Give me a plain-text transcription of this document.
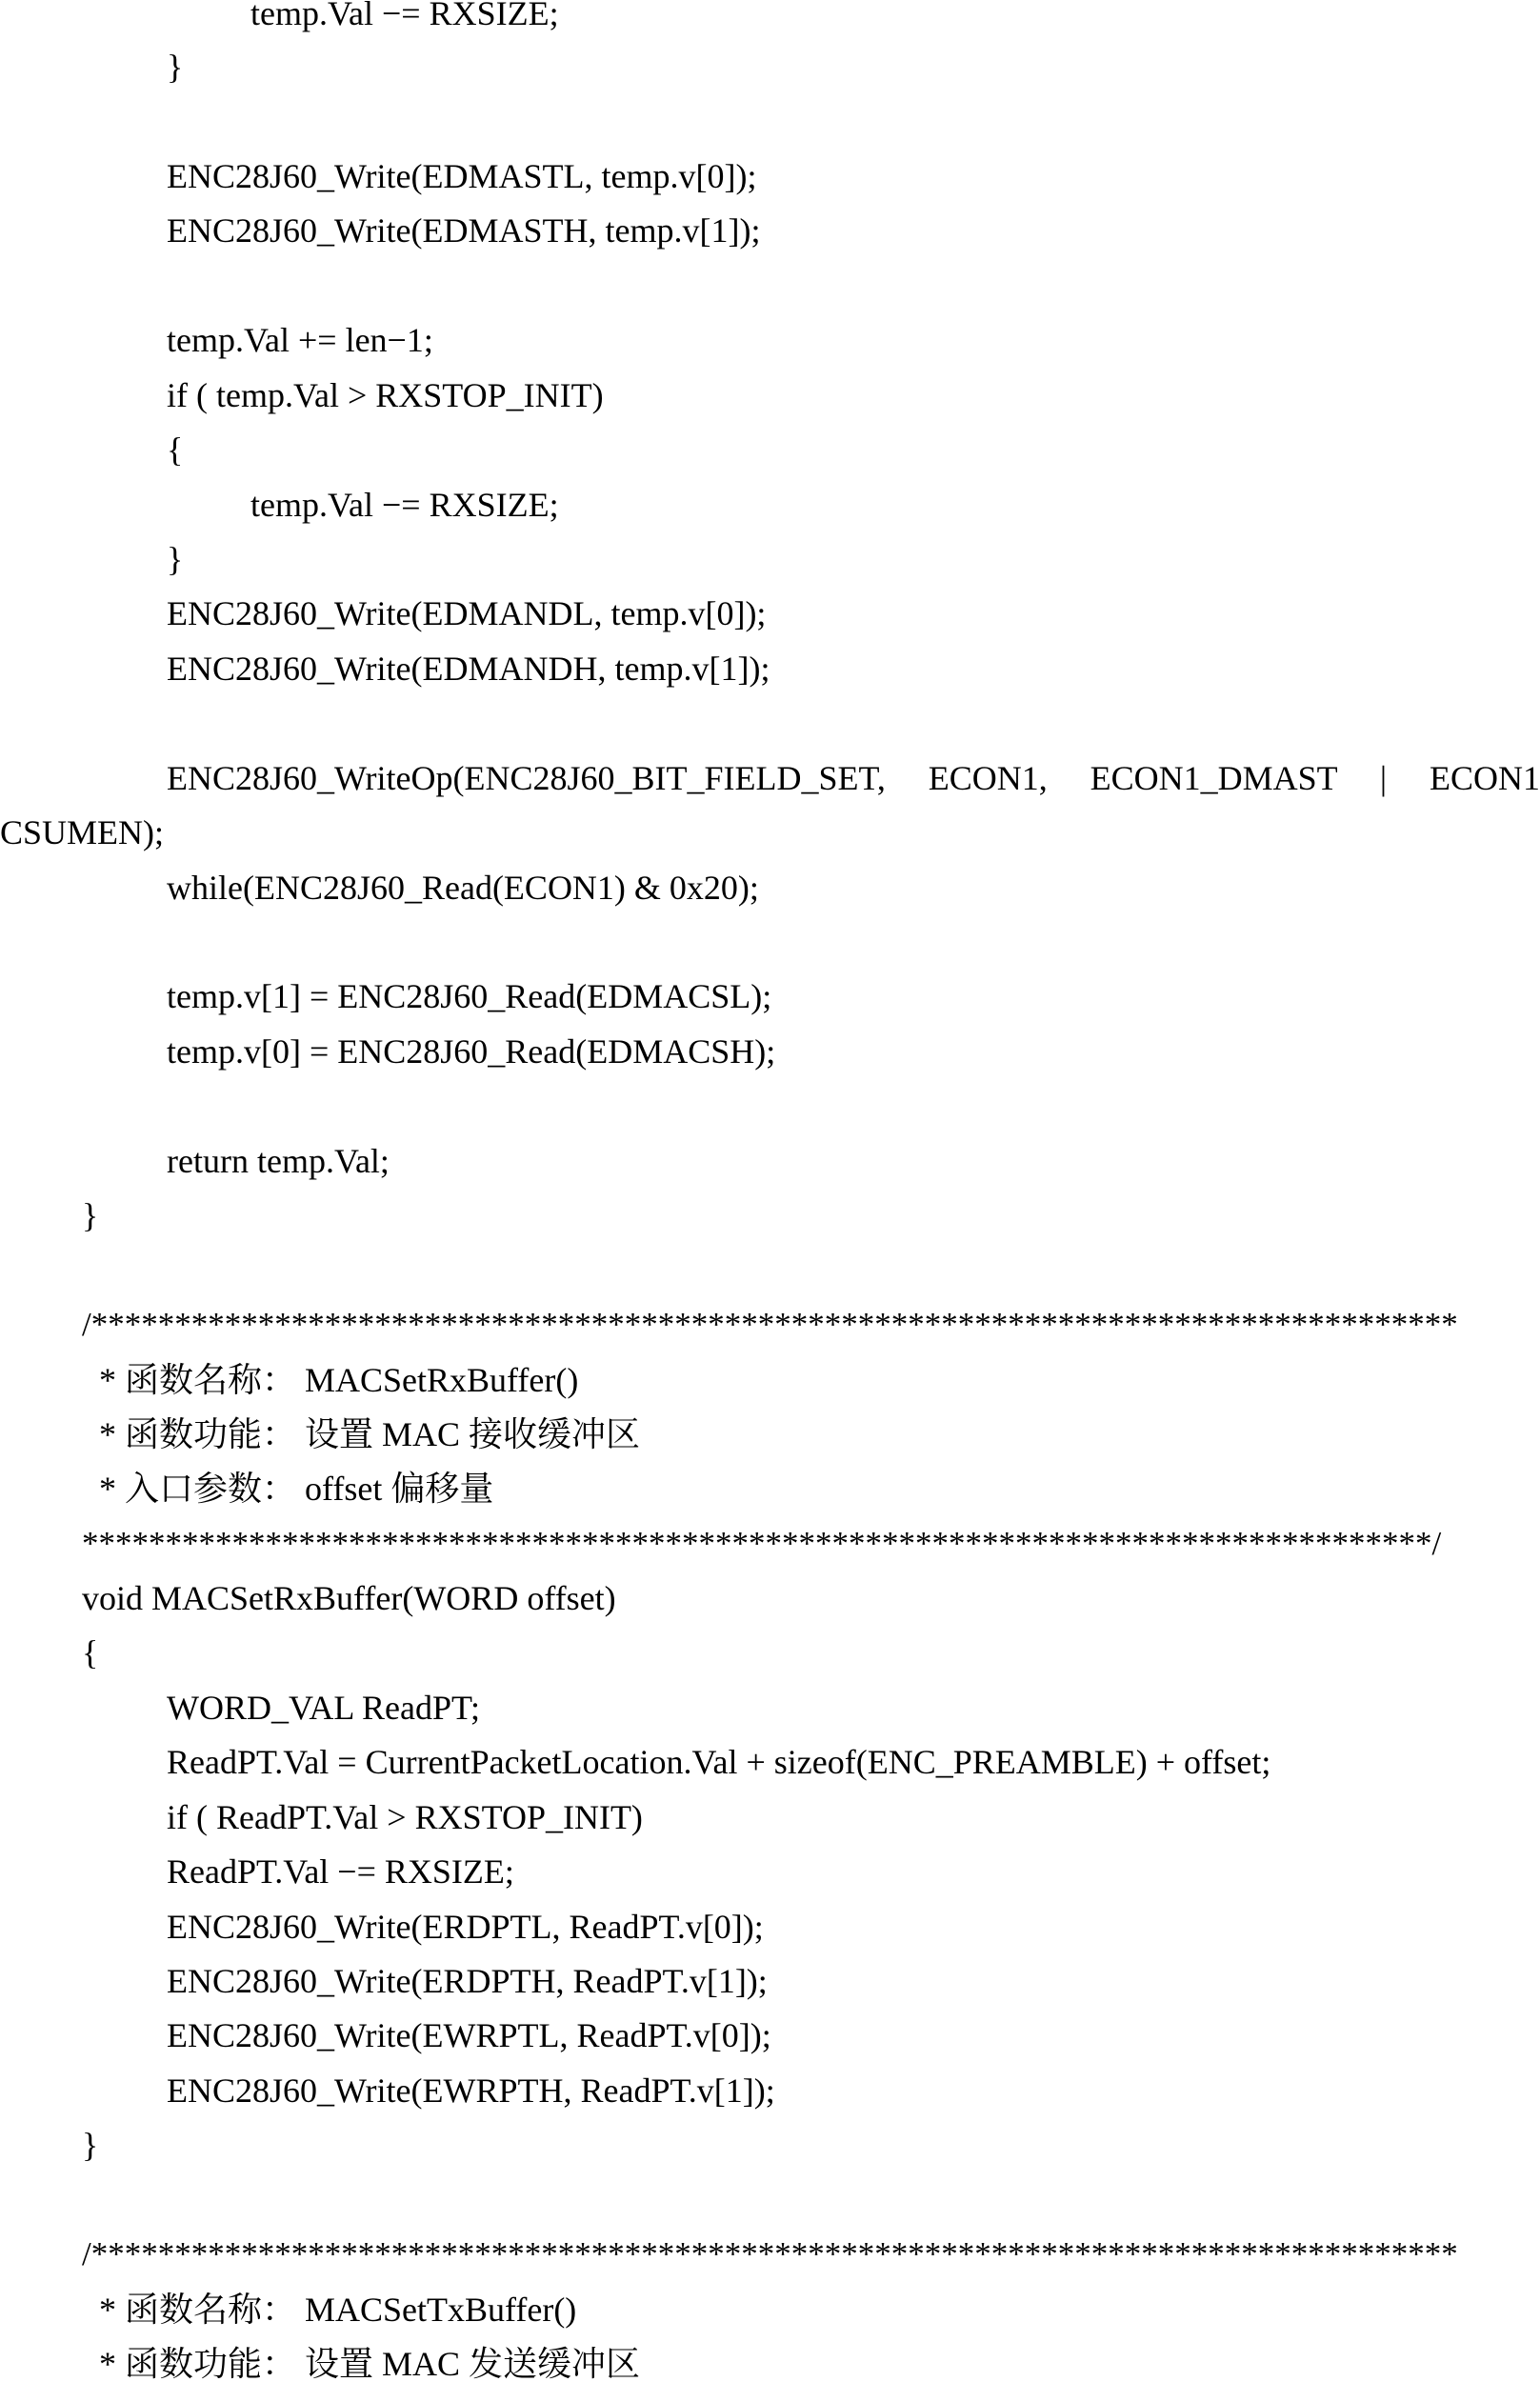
temp.Val −= RXSIZE;
}
ENC28J60_Write(EDMASTL, temp.v[0]);
ENC28J60_Write(EDMASTH, temp.v[1]);
temp.Val += len−1;
if ( temp.Val > RXSTOP_INIT)
{
temp.Val −= RXSIZE;
}
ENC28J60_Write(EDMANDL, temp.v[0]);
ENC28J60_Write(EDMANDH, temp.v[1]);
ENC28J60_WriteOp(ENC28J60_BIT_FIELD_SET, ECON1, ECON1_DMAST | ECON1
CSUMEN);
while(ENC28J60_Read(ECON1) & 0x20);
temp.v[1] = ENC28J60_Read(EDMACSL);
temp.v[0] = ENC28J60_Read(EDMACSH);
return temp.Val;
}
/**********************************************************************************
* 函数名称： MACSetRxBuffer()
* 函数功能： 设置 MAC 接收缓冲区
* 入口参数： offset 偏移量
*********************************************************************************/
void MACSetRxBuffer(WORD offset)
{
WORD_VAL ReadPT;
ReadPT.Val = CurrentPacketLocation.Val + sizeof(ENC_PREAMBLE) + offset;
if ( ReadPT.Val > RXSTOP_INIT)
ReadPT.Val −= RXSIZE;
ENC28J60_Write(ERDPTL, ReadPT.v[0]);
ENC28J60_Write(ERDPTH, ReadPT.v[1]);
ENC28J60_Write(EWRPTL, ReadPT.v[0]);
ENC28J60_Write(EWRPTH, ReadPT.v[1]);
}
/**********************************************************************************
* 函数名称： MACSetTxBuffer()
* 函数功能： 设置 MAC 发送缓冲区
